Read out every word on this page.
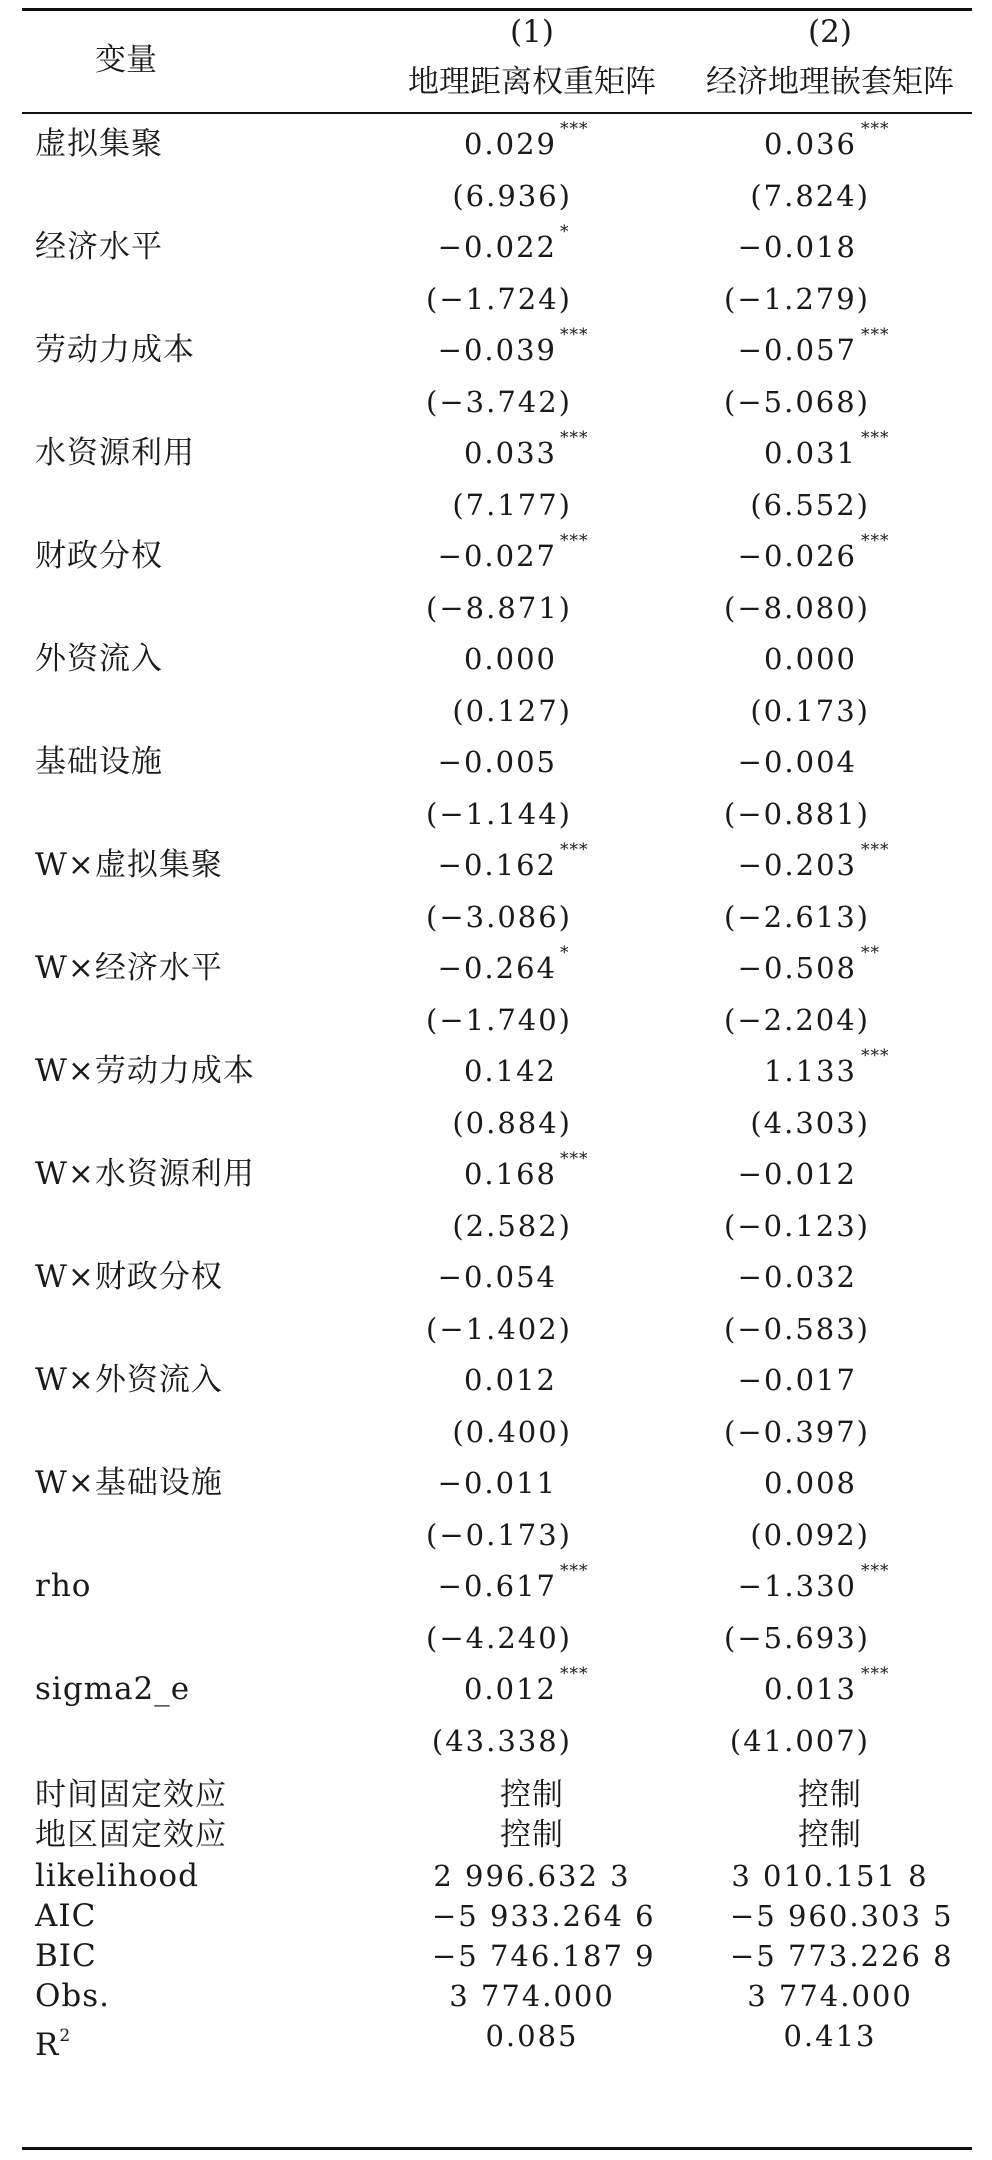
变量
(1)	(2)
地理距离权重矩阵	经济地理嵌套矩阵
虚拟集聚	0.029 ***	0.036 ***
(6.936)	(7.824)
经济水平	−0.022 *	−0.018
(−1.724)	(−1.279)
劳动力成本	−0.039 ***	−0.057 ***
(−3.742)	(−5.068)
水资源利用	0.033 ***	0.031 ***
(7.177)	(6.552)
财政分权	−0.027 ***	−0.026 ***
(−8.871)	(−8.080)
外资流入	0.000	0.000
(0.127)	(0.173)
基础设施	−0.005	−0.004
(−1.144)	(−0.881)
W×虚拟集聚	−0.162 ***	−0.203 ***
(−3.086)	(−2.613)
W×经济水平	−0.264 *	−0.508 **
(−1.740)	(−2.204)
W×劳动力成本	0.142	1.133 ***
(0.884)	(4.303)
W×水资源利用	0.168 ***	−0.012
(2.582)	(−0.123)
W×财政分权	−0.054	−0.032
(−1.402)	(−0.583)
W×外资流入	0.012	−0.017
(0.400)	(−0.397)
W×基础设施	−0.011	0.008
(−0.173)	(0.092)
rho	−0.617 ***	−1.330 ***
(−4.240)	(−5.693)
sigma2_e	0.012 ***	0.013 ***
(43.338)	(41.007)
时间固定效应	控制	控制
地区固定效应	控制	控制
likelihood	2 996.632 3	3 010.151 8
AIC	−5 933.264 6	−5 960.303 5
BIC	−5 746.187 9	−5 773.226 8
Obs.	3 774.000	3 774.000
$R^2$	0.085	0.413
